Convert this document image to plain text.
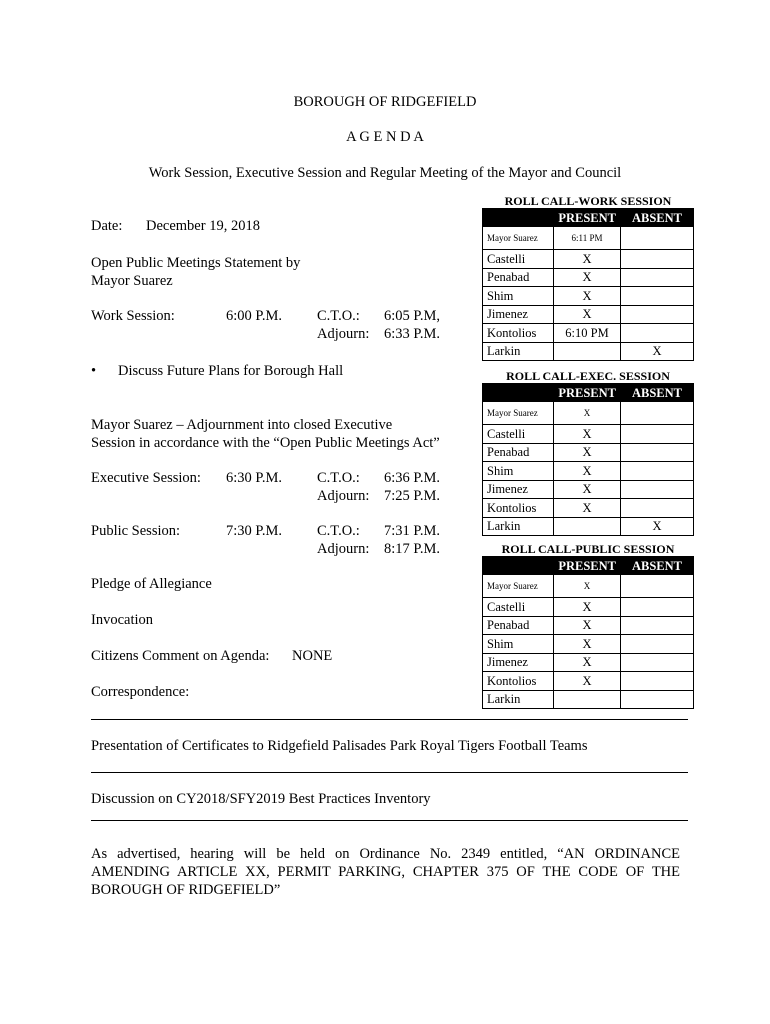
BOROUGH OF RIDGEFIELD
A G E N D A
Work Session, Executive Session and Regular Meeting of the Mayor and Council
Date: December 19, 2018
Open Public Meetings Statement by
Mayor Suarez
Work Session:	6:00 P.M. C.T.O.: 6:05 P.M,
Adjourn: 6:33 P.M.
• Discuss Future Plans for Borough Hall
Mayor Suarez – Adjournment into closed Executive
Session in accordance with the “Open Public Meetings Act”
Executive Session: 6:30 P.M. C.T.O.: 6:36 P.M.
Adjourn: 7:25 P.M.
Public Session:	7:30 P.M. C.T.O.: 7:31 P.M.
Adjourn: 8:17 P.M.
Pledge of Allegiance
Invocation
Citizens Comment on Agenda: NONE
Correspondence:
ROLL CALL-WORK SESSION
PRESENT		ABSENT
Mayor Suarez	6:11 PM	
Castelli	X	
Penabad	X	
Shim	X	
Jimenez	X	
Kontolios	6:10 PM	
Larkin		X
ROLL CALL-EXEC. SESSION
PRESENT		ABSENT
Mayor Suarez	X	
Castelli	X	
Penabad	X	
Shim	X	
Jimenez	X	
Kontolios	X	
Larkin		X
ROLL CALL-PUBLIC SESSION
PRESENT		ABSENT
Mayor Suarez	X	
Castelli	X	
Penabad	X	
Shim	X	
Jimenez	X	
Kontolios	X	
Larkin		
Presentation of Certificates to Ridgefield Palisades Park Royal Tigers Football Teams
Discussion on CY2018/SFY2019 Best Practices Inventory
As advertised, hearing will be held on Ordinance No. 2349 entitled, “AN ORDINANCE AMENDING ARTICLE XX, PERMIT PARKING, CHAPTER 375 OF THE CODE OF THE BOROUGH OF RIDGEFIELD”
